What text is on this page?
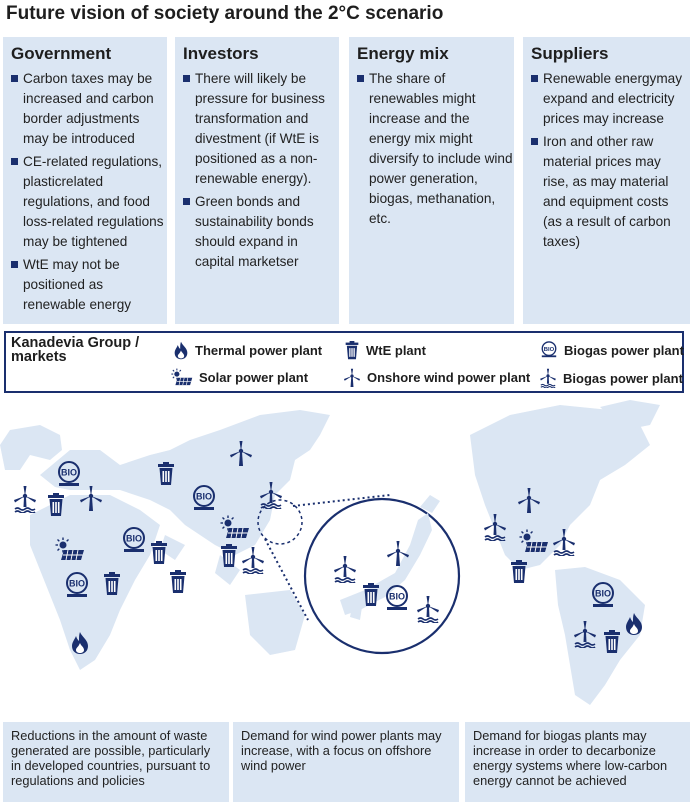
Future vision of society around the 2°C scenario
Government
Carbon taxes may be increased and carbon border adjustments may be introduced
CE-related regulations, plasticrelated regulations, and food loss-related regulations may be tightened
WtE may not be positioned as renewable energy
Investors
There will likely be pressure for business transformation and divestment (if WtE is positioned as a non-renewable energy).
Green bonds and sustainability bonds should expand in capital marketser
Energy mix
The share of renewables might increase and the energy mix might diversify to include wind power generation, biogas, methanation, etc.
Suppliers
Renewable energymay expand and electricity prices may increase
Iron and other raw material prices may rise, as may material and equipment costs (as a result of carbon taxes)
Kanadevia Group / markets	Thermal power plant	WtE plant	BIO Biogas power plant
Solar power plant	Onshore wind power plant	Biogas power plant
BIO
BIO
BIO
BIO
BIO	BIO
Reductions in the amount of waste generated are possible, particularly in developed countries, pursuant to regulations and policies
Demand for wind power plants may increase, with a focus on offshore wind power
Demand for biogas plants may increase in order to decarbonize energy systems where low-carbon energy cannot be achieved
